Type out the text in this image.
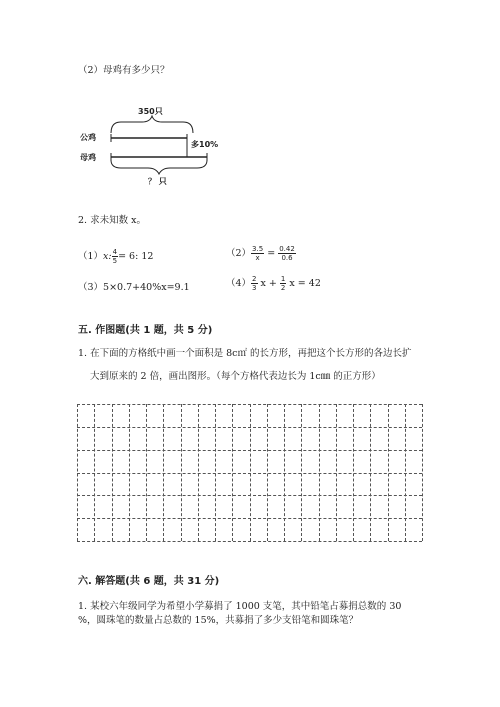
（2）母鸡有多少只？
350只
公鸡
母鸡
多10%
？ 只
2. 求未知数 x。
（1）x: $\frac{4}{5} = 6$: 12	$(2) \frac{3.5}{x} = \frac{0.42}{0.6}$
（3）5×0.7+40%x=9.1	$(4) \frac{2}{3}$ $x + \frac{1}{2}$ x = 42
五. 作图题(共 1 题，共 5 分)
1. 在下面的方格纸中画一个面积是 8c㎡ 的长方形，再把这个长方形的各边长扩
大到原来的 2 倍，画出图形。（每个方格代表边长为 1c㎜ 的正方形）
六. 解答题(共 6 题，共 31 分)
1. 某校六年级同学为希望小学募捐了 1000 支笔，其中铅笔占募捐总数的 30
%，圆珠笔的数量占总数的 15%，共募捐了多少支铅笔和圆珠笔？
